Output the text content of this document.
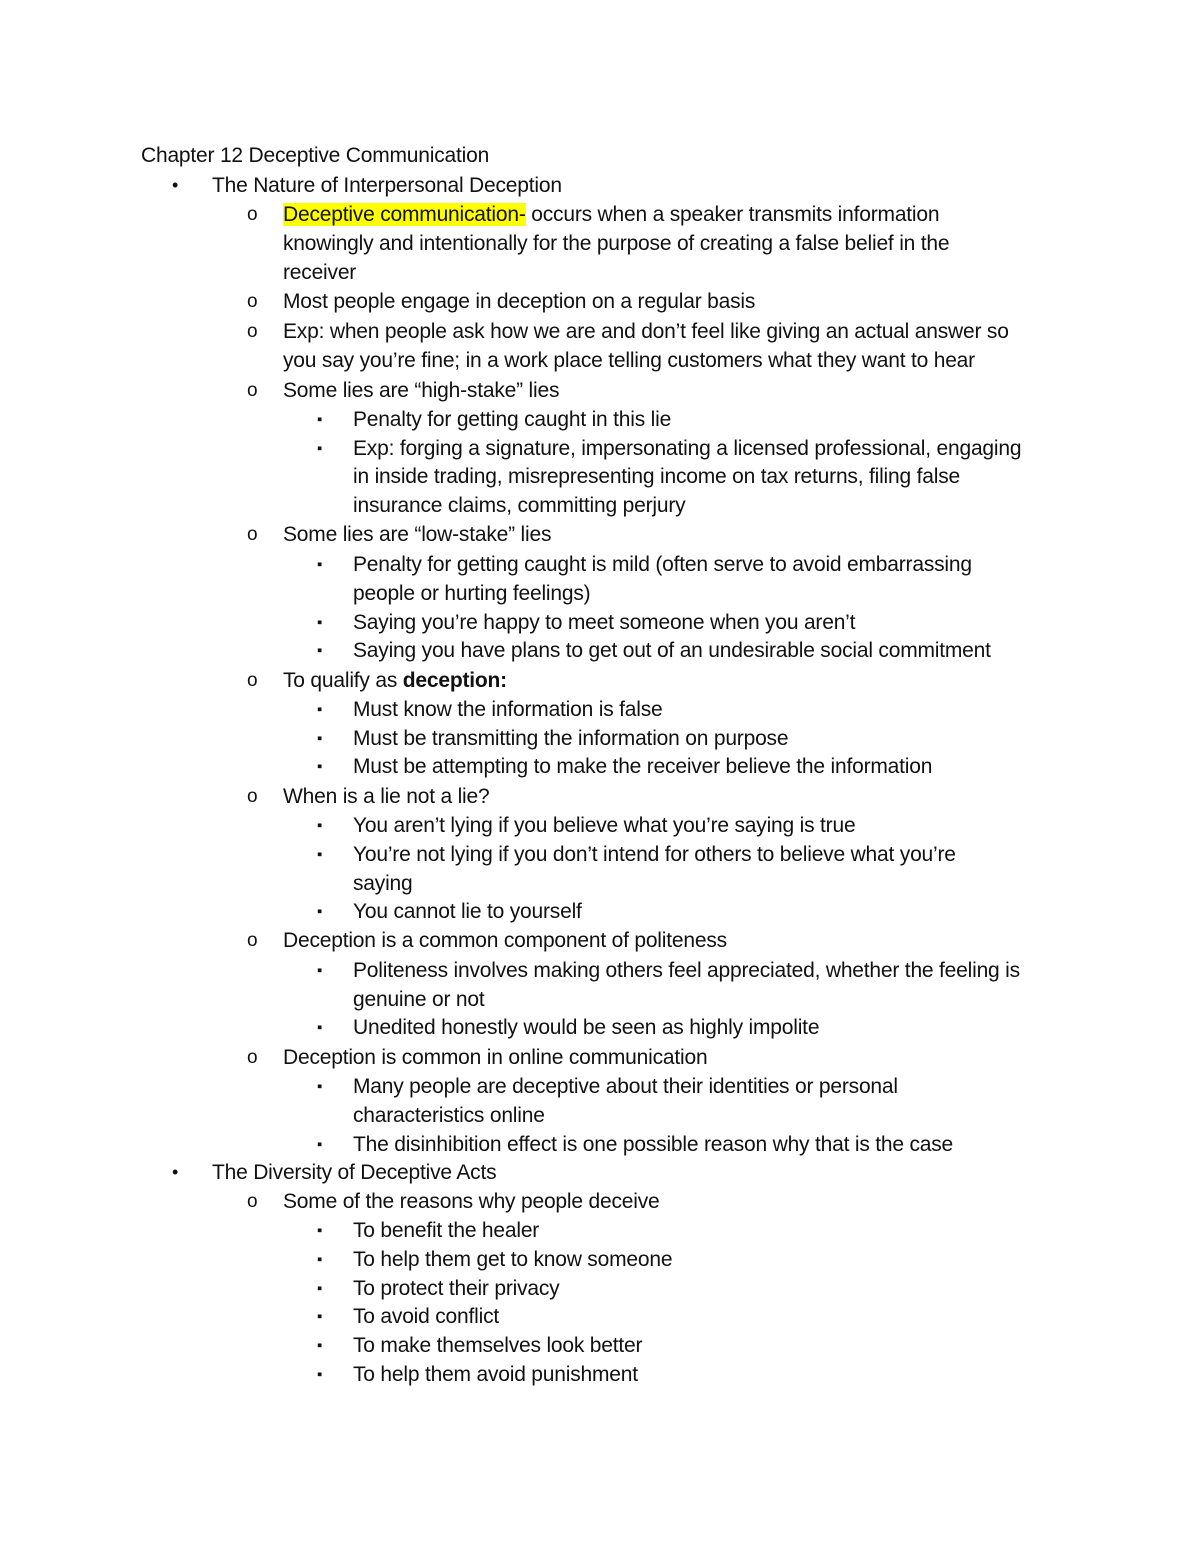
Chapter 12 Deceptive Communication
• The Nature of Interpersonal Deception
o Deceptive communication- occurs when a speaker transmits information
knowingly and intentionally for the purpose of creating a false belief in the
receiver
o Most people engage in deception on a regular basis
o Exp: when people ask how we are and don’t feel like giving an actual answer so
you say you’re fine; in a work place telling customers what they want to hear
o Some lies are “high-stake” lies
▪ Penalty for getting caught in this lie
▪ Exp: forging a signature, impersonating a licensed professional, engaging
in inside trading, misrepresenting income on tax returns, filing false
insurance claims, committing perjury
o Some lies are “low-stake” lies
▪ Penalty for getting caught is mild (often serve to avoid embarrassing
people or hurting feelings)
▪ Saying you’re happy to meet someone when you aren’t
▪ Saying you have plans to get out of an undesirable social commitment
o To qualify as deception:
▪ Must know the information is false
▪ Must be transmitting the information on purpose
▪ Must be attempting to make the receiver believe the information
o When is a lie not a lie?
▪ You aren’t lying if you believe what you’re saying is true
▪ You’re not lying if you don’t intend for others to believe what you’re
saying
▪ You cannot lie to yourself
o Deception is a common component of politeness
▪ Politeness involves making others feel appreciated, whether the feeling is
genuine or not
▪ Unedited honestly would be seen as highly impolite
o Deception is common in online communication
▪ Many people are deceptive about their identities or personal
characteristics online
▪ The disinhibition effect is one possible reason why that is the case
• The Diversity of Deceptive Acts
o Some of the reasons why people deceive
▪ To benefit the healer
▪ To help them get to know someone
▪ To protect their privacy
▪ To avoid conflict
▪ To make themselves look better
▪ To help them avoid punishment
